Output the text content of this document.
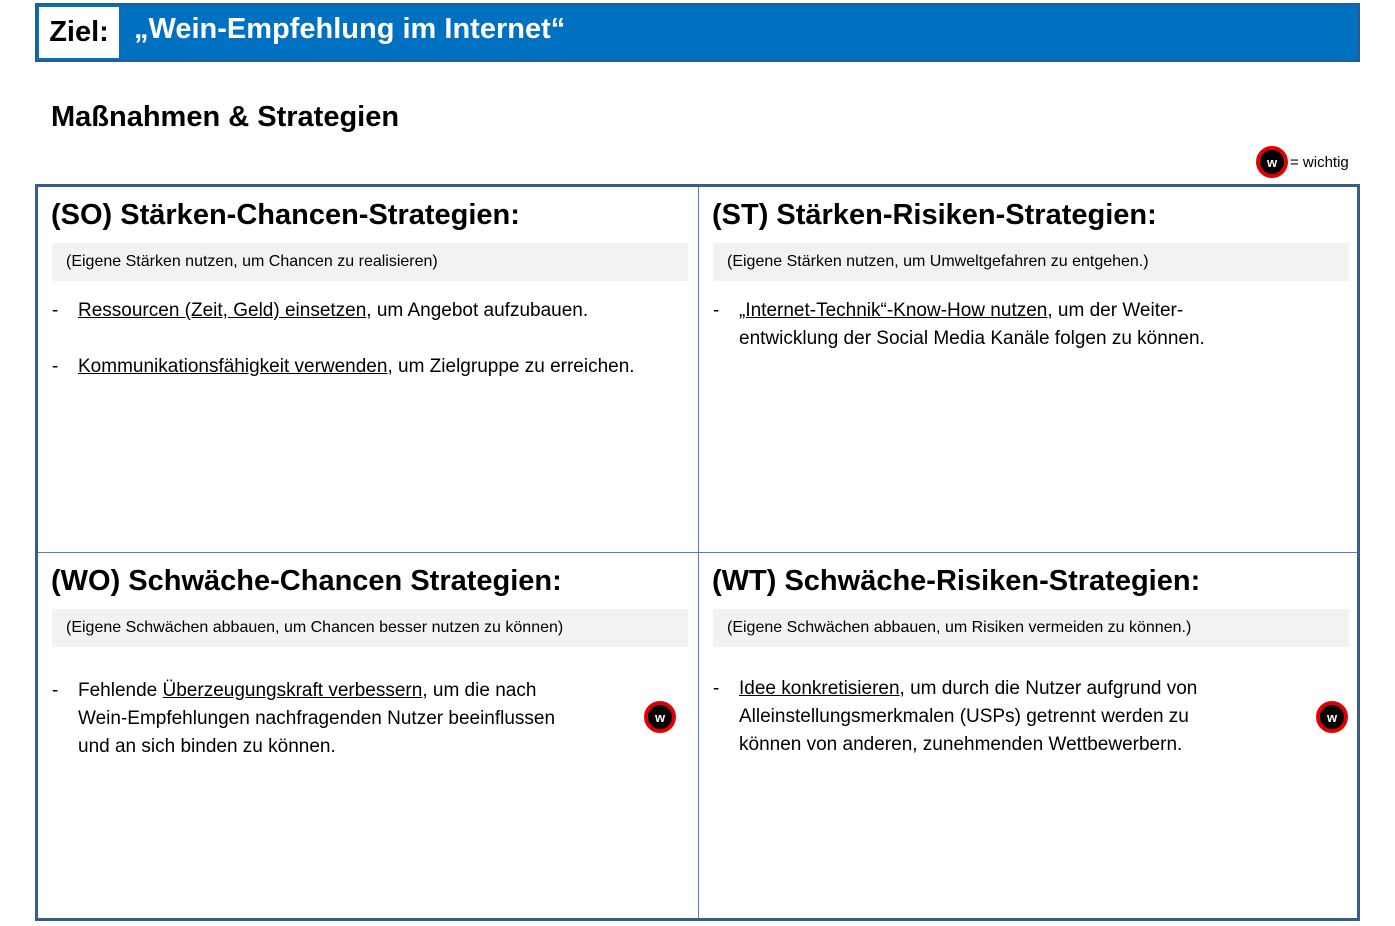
Ziel: „Wein-Empfehlung im Internet“
Maßnahmen & Strategien
w = wichtig
(SO) Stärken-Chancen-Strategien:
(Eigene Stärken nutzen, um Chancen zu realisieren)
- Ressourcen (Zeit, Geld) einsetzen, um Angebot aufzubauen.
- Kommunikationsfähigkeit verwenden, um Zielgruppe zu erreichen.
(ST) Stärken-Risiken-Strategien:
(Eigene Stärken nutzen, um Umweltgefahren zu entgehen.)
- „Internet-Technik“-Know-How nutzen, um der Weiter-
entwicklung der Social Media Kanäle folgen zu können.
(WO) Schwäche-Chancen Strategien:
(Eigene Schwächen abbauen, um Chancen besser nutzen zu können)
- Fehlende Überzeugungskraft verbessern, um die nach
Wein-Empfehlungen nachfragenden Nutzer beeinflussen
und an sich binden zu können.
w
(WT) Schwäche-Risiken-Strategien:
(Eigene Schwächen abbauen, um Risiken vermeiden zu können.)
- Idee konkretisieren, um durch die Nutzer aufgrund von
Alleinstellungsmerkmalen (USPs) getrennt werden zu
können von anderen, zunehmenden Wettbewerbern.
w
